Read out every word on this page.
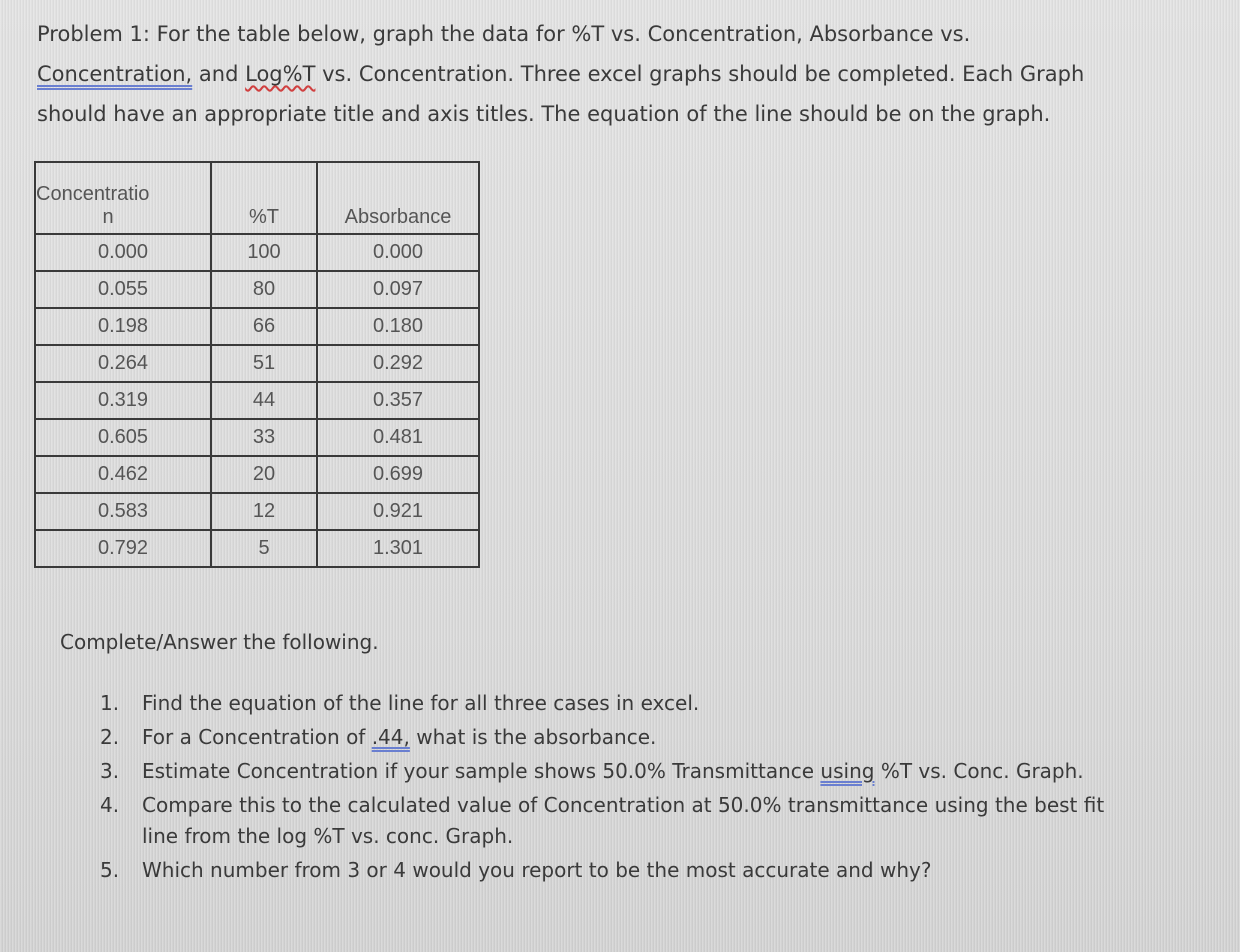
Problem 1: For the table below, graph the data for %T vs. Concentration, Absorbance vs.
Concentration, and Log%T vs. Concentration. Three excel graphs should be completed. Each Graph
should have an appropriate title and axis titles. The equation of the line should be on the graph.
Concentratio
n	%T	Absorbance
0.000	100	0.000
0.055	80	0.097
0.198	66	0.180
0.264	51	0.292
0.319	44	0.357
0.605	33	0.481
0.462	20	0.699
0.583	12	0.921
0.792	5	1.301
Complete/Answer the following.
1. Find the equation of the line for all three cases in excel.
2. For a Concentration of .44, what is the absorbance.
3. Estimate Concentration if your sample shows 50.0% Transmittance using %T vs. Conc. Graph.
4. Compare this to the calculated value of Concentration at 50.0% transmittance using the best fit line from the log %T vs. conc. Graph.
5. Which number from 3 or 4 would you report to be the most accurate and why?
